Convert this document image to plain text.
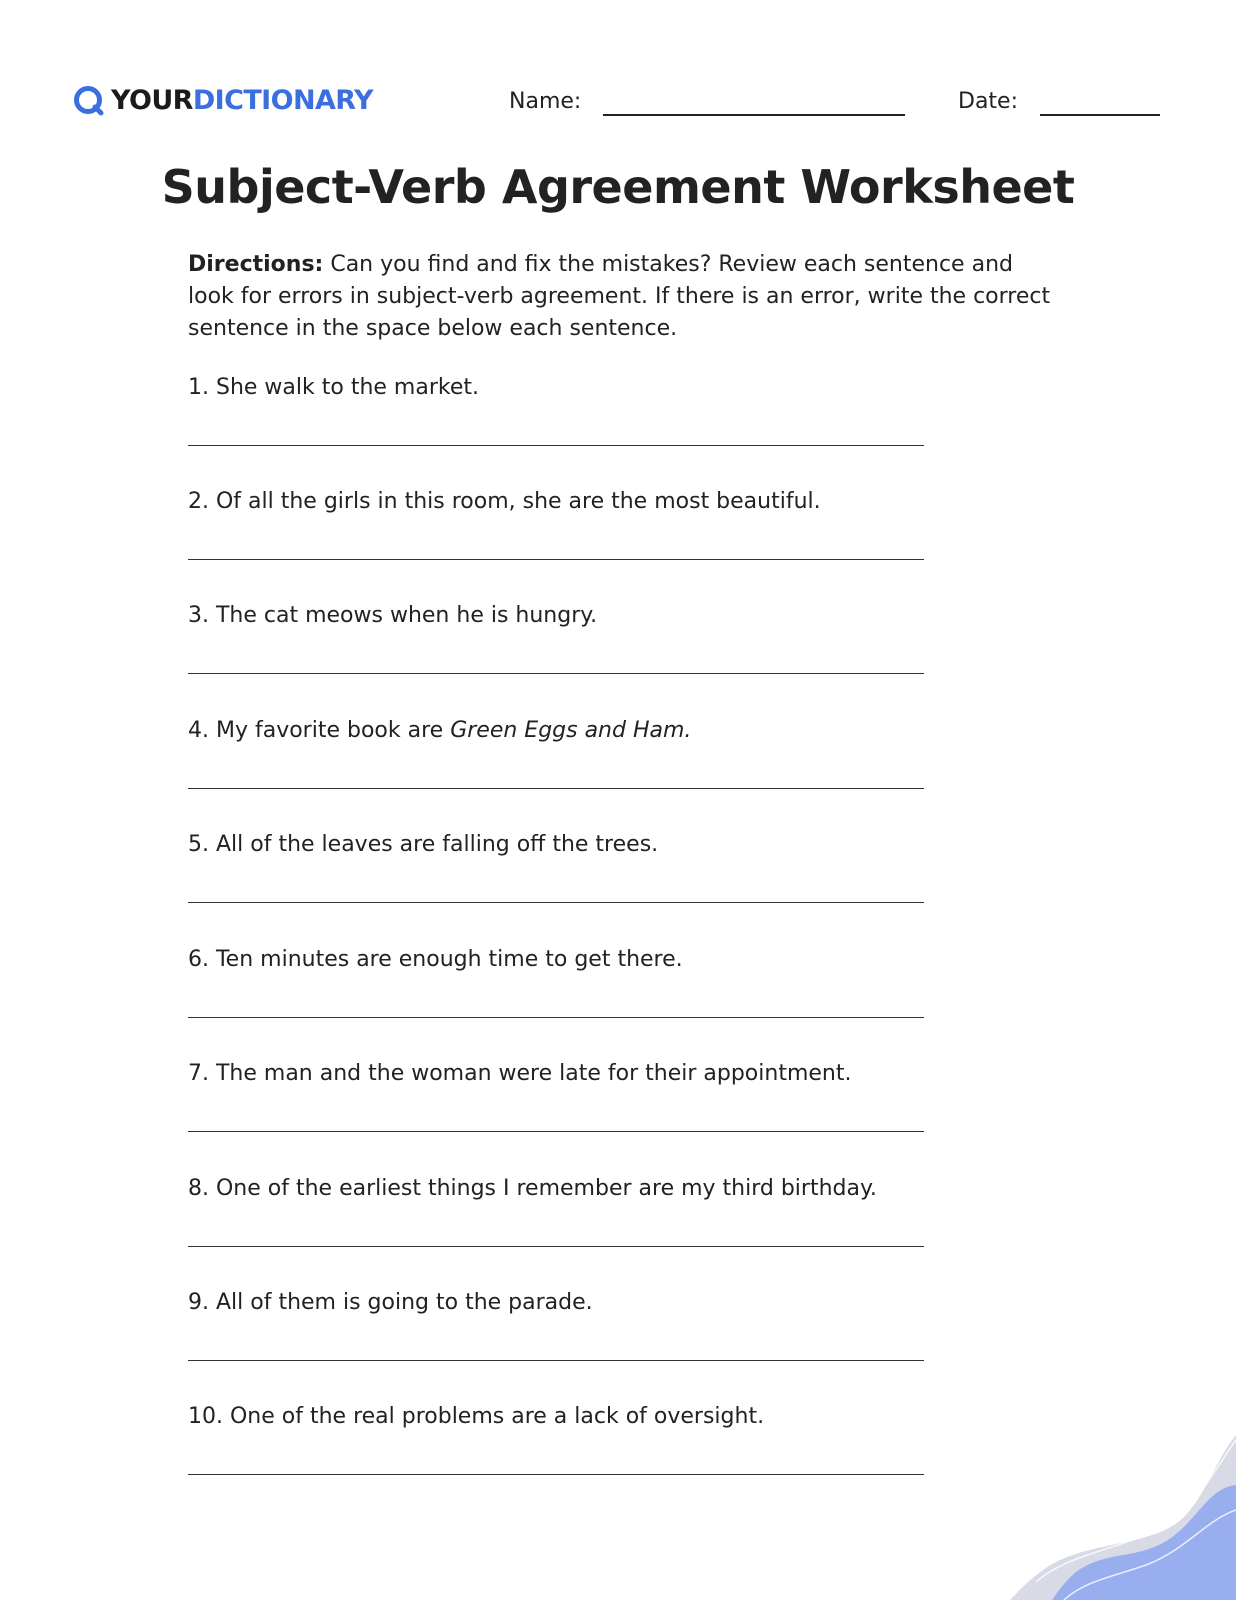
YOURDICTIONARY	Name:	Date:
Subject-Verb Agreement Worksheet

Directions: Can you find and fix the mistakes? Review each sentence and look for errors in subject-verb agreement. If there is an error, write the correct sentence in the space below each sentence.

1. She walk to the market.

2. Of all the girls in this room, she are the most beautiful.

3. The cat meows when he is hungry.

4. My favorite book are Green Eggs and Ham.

5. All of the leaves are falling off the trees.

6. Ten minutes are enough time to get there.

7. The man and the woman were late for their appointment.

8. One of the earliest things I remember are my third birthday.

9. All of them is going to the parade.

10. One of the real problems are a lack of oversight.
